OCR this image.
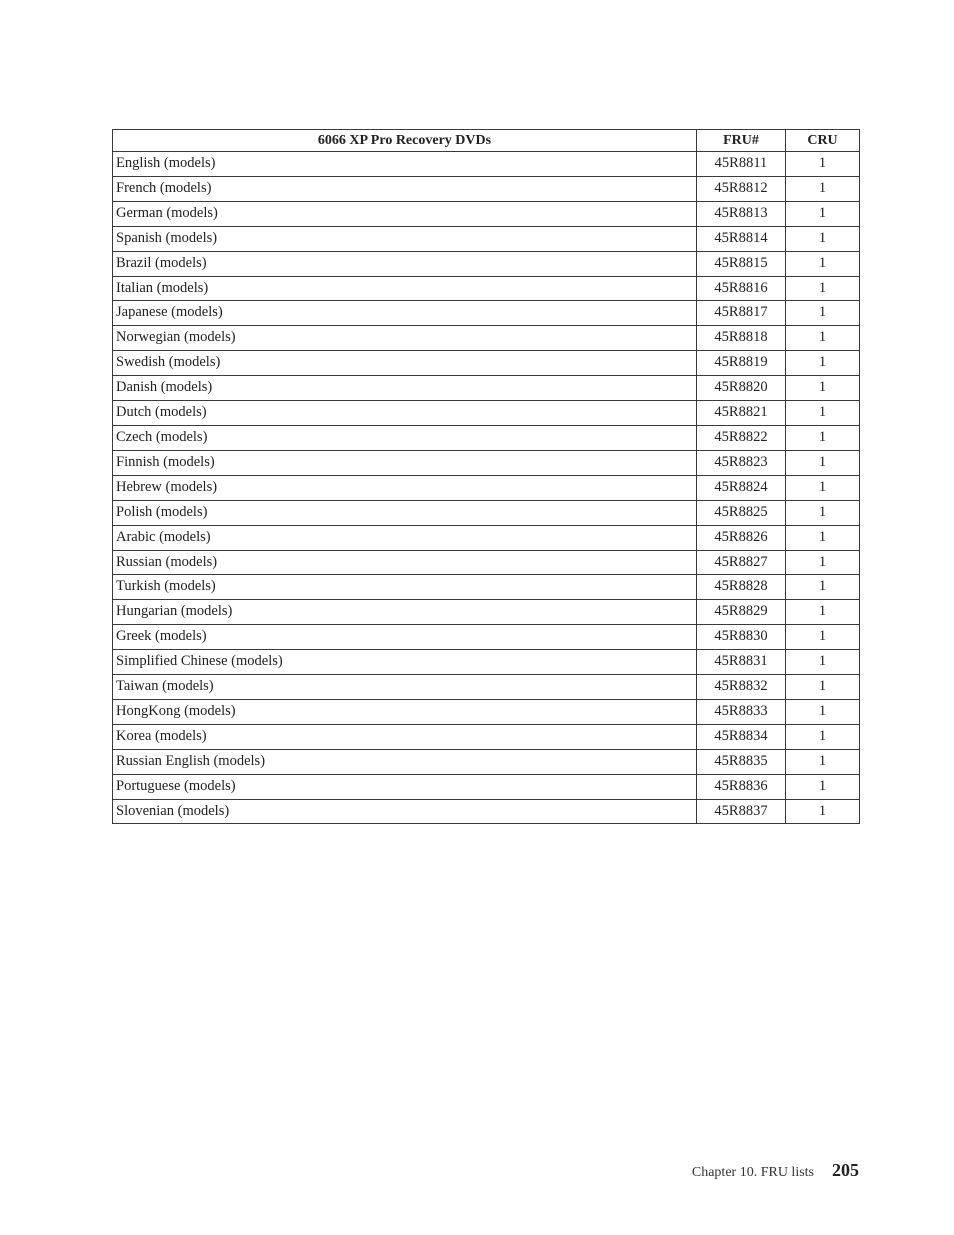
6066 XP Pro Recovery DVDs	FRU#	CRU
English (models)	45R8811	1
French (models)	45R8812	1
German (models)	45R8813	1
Spanish (models)	45R8814	1
Brazil (models)	45R8815	1
Italian (models)	45R8816	1
Japanese (models)	45R8817	1
Norwegian (models)	45R8818	1
Swedish (models)	45R8819	1
Danish (models)	45R8820	1
Dutch (models)	45R8821	1
Czech (models)	45R8822	1
Finnish (models)	45R8823	1
Hebrew (models)	45R8824	1
Polish (models)	45R8825	1
Arabic (models)	45R8826	1
Russian (models)	45R8827	1
Turkish (models)	45R8828	1
Hungarian (models)	45R8829	1
Greek (models)	45R8830	1
Simplified Chinese (models)	45R8831	1
Taiwan (models)	45R8832	1
HongKong (models)	45R8833	1
Korea (models)	45R8834	1
Russian English (models)	45R8835	1
Portuguese (models)	45R8836	1
Slovenian (models)	45R8837	1
Chapter 10. FRU lists 205
